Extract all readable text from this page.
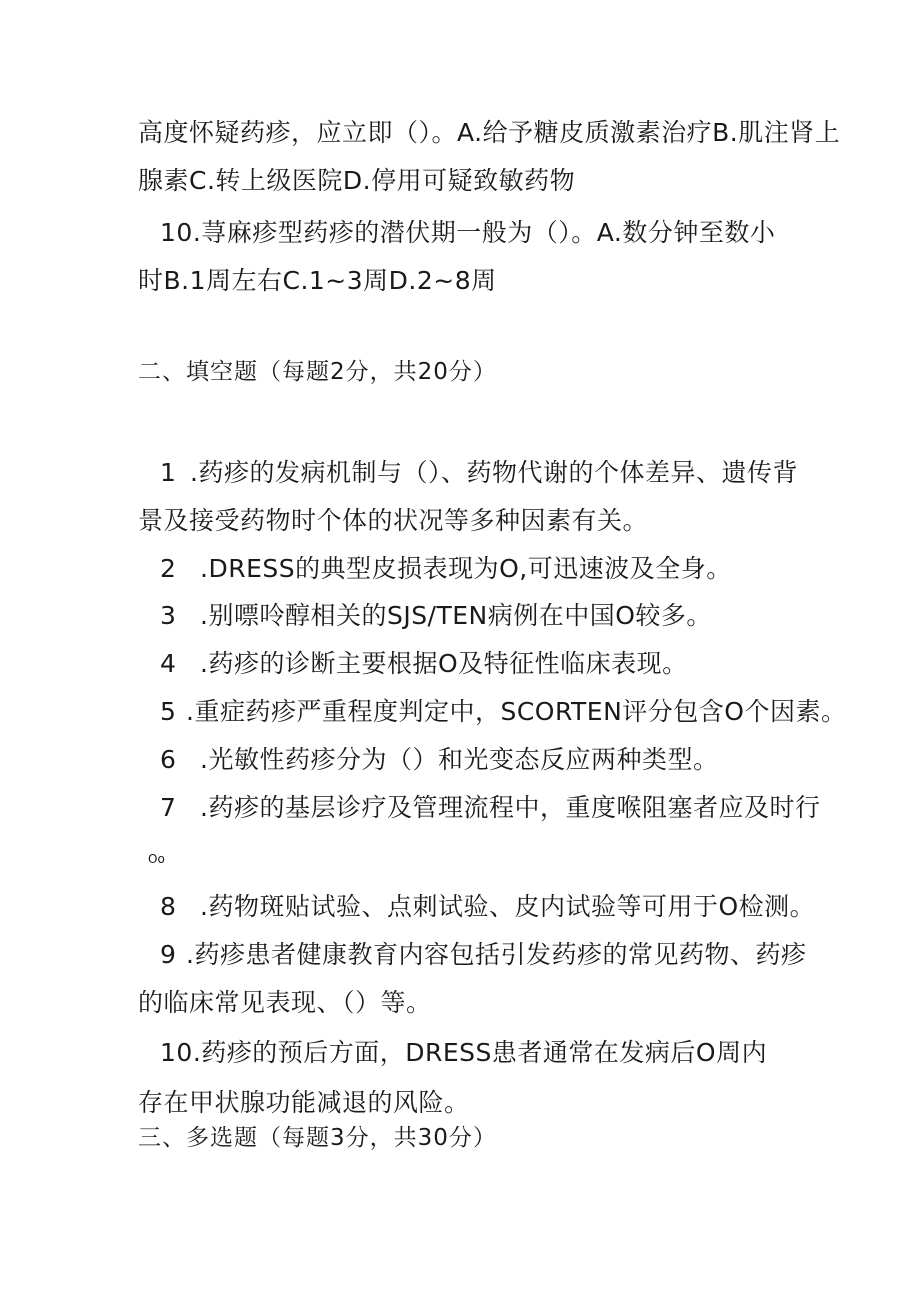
高度怀疑药疹，应立即（）。A.给予糖皮质激素治疗B.肌注肾上
腺素C.转上级医院D.停用可疑致敏药物
10.荨麻疹型药疹的潜伏期一般为（）。A.数分钟至数小
时B.1周左右C.1~3周D.2~8周
二、填空题（每题2分，共20分）
1 .药疹的发病机制与（）、药物代谢的个体差异、遗传背
景及接受药物时个体的状况等多种因素有关。
2 .DRESS的典型皮损表现为O,可迅速波及全身。
3 .别嘌呤醇相关的SJS/TEN病例在中国O较多。
4 .药疹的诊断主要根据O及特征性临床表现。
5 .重症药疹严重程度判定中，SCORTEN评分包含O个因素。
6 .光敏性药疹分为（）和光变态反应两种类型。
7 .药疹的基层诊疗及管理流程中，重度喉阻塞者应及时行
Oo
8 .药物斑贴试验、点刺试验、皮内试验等可用于O检测。
9 .药疹患者健康教育内容包括引发药疹的常见药物、药疹
的临床常见表现、（）等。
10.药疹的预后方面，DRESS患者通常在发病后O周内
存在甲状腺功能减退的风险。
三、多选题（每题3分，共30分）
